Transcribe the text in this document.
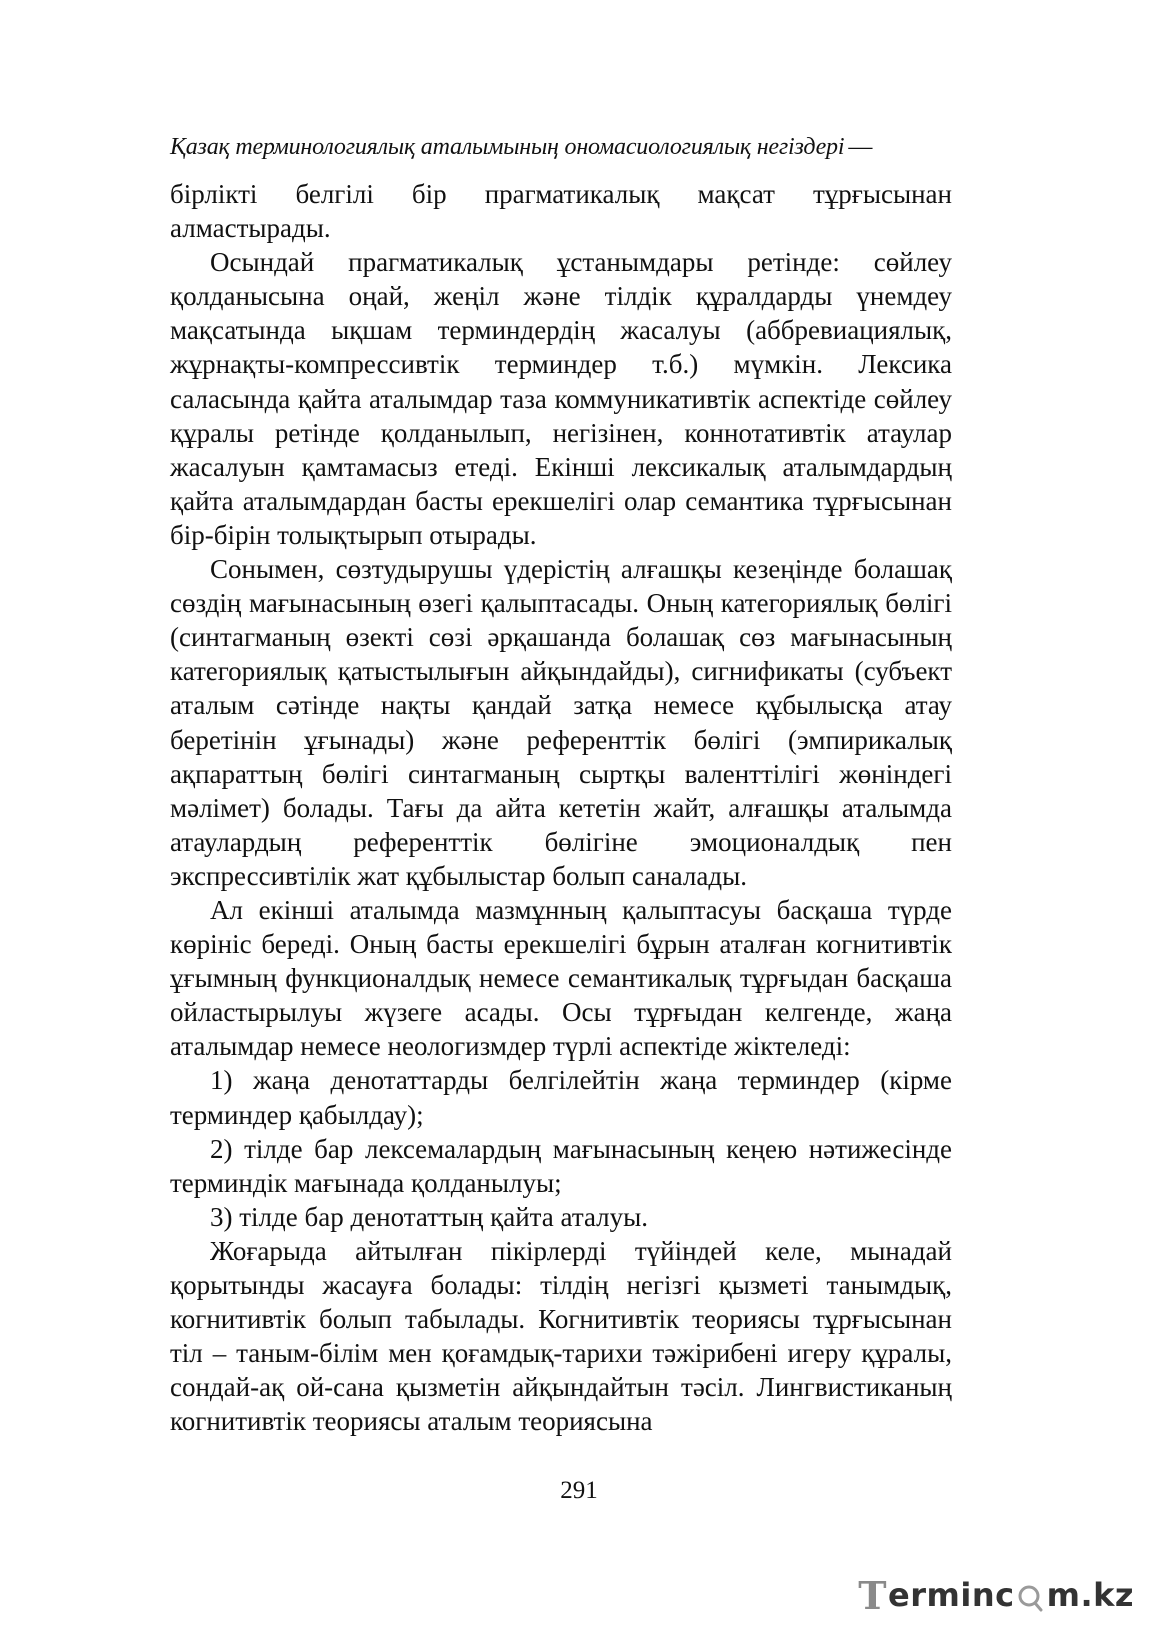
Қазақ терминологиялық аталымының ономасиологиялық негіздері —

бірлікті белгілі бір прагматикалық мақсат тұрғысынан алмастырады.

Осындай прагматикалық ұстанымдары ретінде: сөйлеу қолданысына оңай, жеңіл және тілдік құралдарды үнемдеу мақсатында ықшам терминдердің жасалуы (аббревиациялық, жұрнақты-компрессивтік терминдер т.б.) мүмкін. Лексика саласында қайта аталымдар таза коммуникативтік аспектіде сөйлеу құралы ретінде қолданылып, негізінен, коннотативтік атаулар жасалуын қамтамасыз етеді. Екінші лексикалық аталымдардың қайта аталымдардан басты ерекшелігі олар семантика тұрғысынан бір-бірін толықтырып отырады.

Сонымен, сөзтудырушы үдерістің алғашқы кезеңінде болашақ сөздің мағынасының өзегі қалыптасады. Оның категориялық бөлігі (синтагманың өзекті сөзі әрқашанда болашақ сөз мағынасының категориялық қатыстылығын айқындайды), сигнификаты (субъект аталым сәтінде нақты қандай затқа немесе құбылысқа атау беретінін ұғынады) және референттік бөлігі (эмпирикалық ақпараттың бөлігі синтагманың сыртқы валенттілігі жөніндегі мәлімет) болады. Тағы да айта кететін жайт, алғашқы аталымда атаулардың референттік бөлігіне эмоционалдық пен экспрессивтілік жат құбылыстар болып саналады.

Ал екінші аталымда мазмұнның қалыптасуы басқаша түрде көрініс береді. Оның басты ерекшелігі бұрын аталған когнитивтік ұғымның функционалдық немесе семантикалық тұрғыдан басқаша ойластырылуы жүзеге асады. Осы тұрғыдан келгенде, жаңа аталымдар немесе неологизмдер түрлі аспектіде жіктеледі:

1) жаңа денотаттарды белгілейтін жаңа терминдер (кірме терминдер қабылдау);

2) тілде бар лексемалардың мағынасының кеңею нәтижесінде терминдік мағынада қолданылуы;

3) тілде бар денотаттың қайта аталуы.

Жоғарыда айтылған пікірлерді түйіндей келе, мынадай қорытынды жасауға болады: тілдің негізгі қызметі танымдық, когнитивтік болып табылады. Когнитивтік теориясы тұрғысынан тіл – таным-білім мен қоғамдық-тарихи тәжірибені игеру құралы, сондай-ақ ой-сана қызметін айқындайтын тәсіл. Лингвистиканың когнитивтік теориясы аталым теориясына

291
T erminc m.kz
